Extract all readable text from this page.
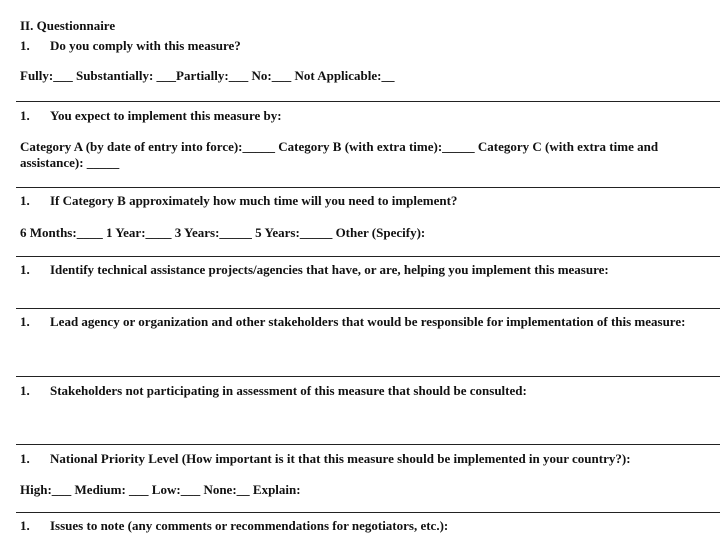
II. Questionnaire
1. Do you comply with this measure?
Fully:___ Substantially: ___Partially:___ No:___ Not Applicable:__
1. You expect to implement this measure by:
Category A (by date of entry into force):_____ Category B (with extra time):_____ Category C (with extra time and
assistance): _____
1. If Category B approximately how much time will you need to implement?
6 Months:____ 1 Year:____ 3 Years:_____ 5 Years:_____ Other (Specify):
1. Identify technical assistance projects/agencies that have, or are, helping you implement this measure:
1. Lead agency or organization and other stakeholders that would be responsible for implementation of this measure:
1. Stakeholders not participating in assessment of this measure that should be consulted:
1. National Priority Level (How important is it that this measure should be implemented in your country?):
High:___ Medium: ___ Low:___ None:__ Explain:
1. Issues to note (any comments or recommendations for negotiators, etc.):
